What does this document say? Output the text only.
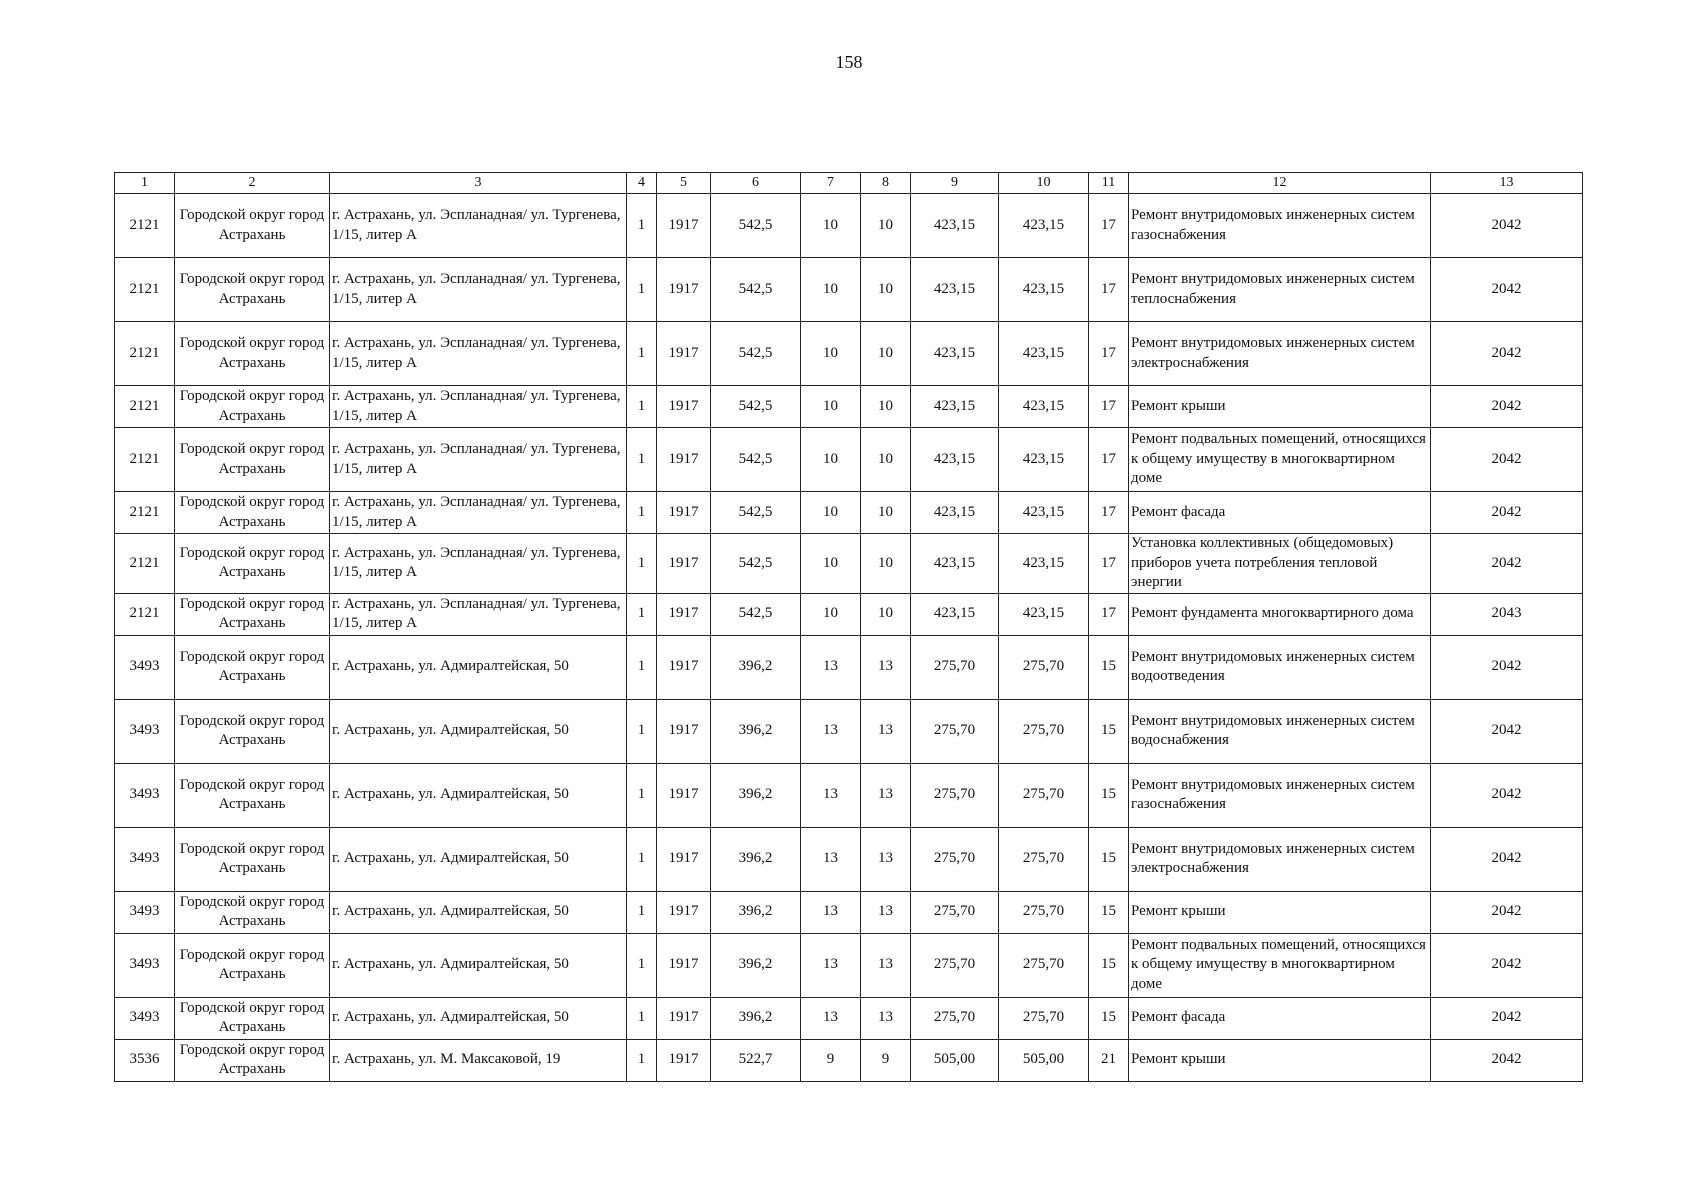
158
1	2	3	4	5	6	7	8	9	10	11	12	13
2121	Городской округ город Астрахань	г. Астрахань, ул. Эспланадная/ ул. Тургенева, 1/15, литер А	1	1917	542,5	10	10	423,15	423,15	17	Ремонт внутридомовых инженерных систем газоснабжения	2042
2121	Городской округ город Астрахань	г. Астрахань, ул. Эспланадная/ ул. Тургенева, 1/15, литер А	1	1917	542,5	10	10	423,15	423,15	17	Ремонт внутридомовых инженерных систем теплоснабжения	2042
2121	Городской округ город Астрахань	г. Астрахань, ул. Эспланадная/ ул. Тургенева, 1/15, литер А	1	1917	542,5	10	10	423,15	423,15	17	Ремонт внутридомовых инженерных систем электроснабжения	2042
2121	Городской округ город Астрахань	г. Астрахань, ул. Эспланадная/ ул. Тургенева, 1/15, литер А	1	1917	542,5	10	10	423,15	423,15	17	Ремонт крыши	2042
2121	Городской округ город Астрахань	г. Астрахань, ул. Эспланадная/ ул. Тургенева, 1/15, литер А	1	1917	542,5	10	10	423,15	423,15	17	Ремонт подвальных помещений, относящихся к общему имуществу в многоквартирном доме	2042
2121	Городской округ город Астрахань	г. Астрахань, ул. Эспланадная/ ул. Тургенева, 1/15, литер А	1	1917	542,5	10	10	423,15	423,15	17	Ремонт фасада	2042
2121	Городской округ город Астрахань	г. Астрахань, ул. Эспланадная/ ул. Тургенева, 1/15, литер А	1	1917	542,5	10	10	423,15	423,15	17	Установка коллективных (общедомовых) приборов учета потребления тепловой энергии	2042
2121	Городской округ город Астрахань	г. Астрахань, ул. Эспланадная/ ул. Тургенева, 1/15, литер А	1	1917	542,5	10	10	423,15	423,15	17	Ремонт фундамента многоквартирного дома	2043
3493	Городской округ город Астрахань	г. Астрахань, ул. Адмиралтейская, 50	1	1917	396,2	13	13	275,70	275,70	15	Ремонт внутридомовых инженерных систем водоотведения	2042
3493	Городской округ город Астрахань	г. Астрахань, ул. Адмиралтейская, 50	1	1917	396,2	13	13	275,70	275,70	15	Ремонт внутридомовых инженерных систем водоснабжения	2042
3493	Городской округ город Астрахань	г. Астрахань, ул. Адмиралтейская, 50	1	1917	396,2	13	13	275,70	275,70	15	Ремонт внутридомовых инженерных систем газоснабжения	2042
3493	Городской округ город Астрахань	г. Астрахань, ул. Адмиралтейская, 50	1	1917	396,2	13	13	275,70	275,70	15	Ремонт внутридомовых инженерных систем электроснабжения	2042
3493	Городской округ город Астрахань	г. Астрахань, ул. Адмиралтейская, 50	1	1917	396,2	13	13	275,70	275,70	15	Ремонт крыши	2042
3493	Городской округ город Астрахань	г. Астрахань, ул. Адмиралтейская, 50	1	1917	396,2	13	13	275,70	275,70	15	Ремонт подвальных помещений, относящихся к общему имуществу в многоквартирном доме	2042
3493	Городской округ город Астрахань	г. Астрахань, ул. Адмиралтейская, 50	1	1917	396,2	13	13	275,70	275,70	15	Ремонт фасада	2042
3536	Городской округ город Астрахань	г. Астрахань, ул. М. Максаковой, 19	1	1917	522,7	9	9	505,00	505,00	21	Ремонт крыши	2042
